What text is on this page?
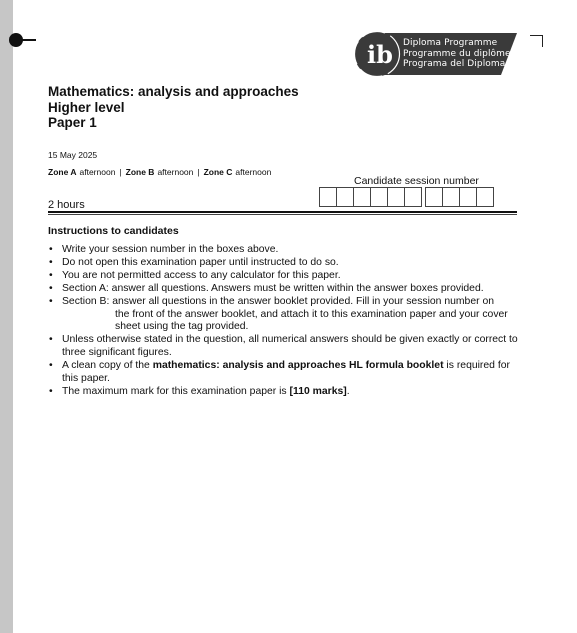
ib Diploma Programme
Programme du diplôme
Programa del Diploma
Mathematics: analysis and approaches
Higher level
Paper 1
15 May 2025
Zone A afternoon | Zone B afternoon | Zone C afternoon
Candidate session number
2 hours
Instructions to candidates
• Write your session number in the boxes above.
• Do not open this examination paper until instructed to do so.
• You are not permitted access to any calculator for this paper.
• Section A: answer all questions. Answers must be written within the answer boxes provided.
• Section B: answer all questions in the answer booklet provided. Fill in your session number on
the front of the answer booklet, and attach it to this examination paper and your cover
sheet using the tag provided.
• Unless otherwise stated in the question, all numerical answers should be given exactly or correct to three significant figures.
• A clean copy of the mathematics: analysis and approaches HL formula booklet is required for this paper.
• The maximum mark for this examination paper is [110 marks].
